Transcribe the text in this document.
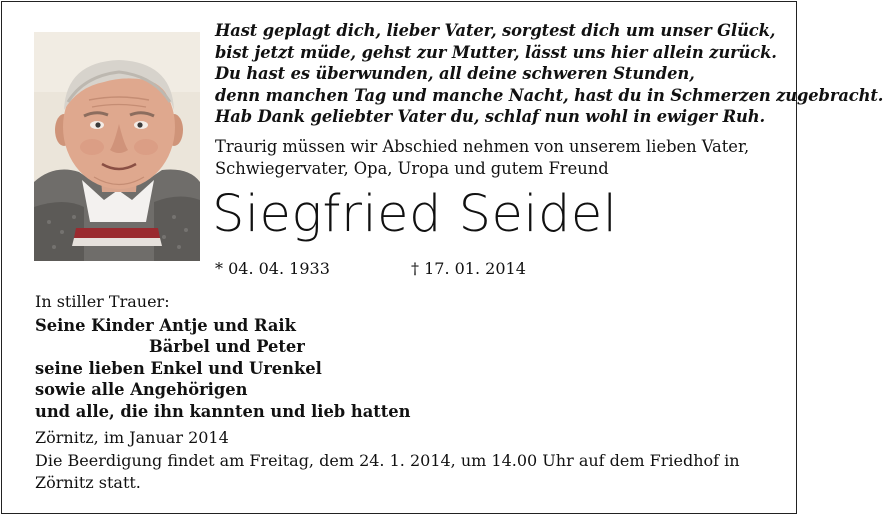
Hast geplagt dich, lieber Vater, sorgtest dich um unser Glück,
bist jetzt müde, gehst zur Mutter, lässt uns hier allein zurück.
Du hast es überwunden, all deine schweren Stunden,
denn manchen Tag und manche Nacht, hast du in Schmerzen zugebracht.
Hab Dank geliebter Vater du, schlaf nun wohl in ewiger Ruh.
Traurig müssen wir Abschied nehmen von unserem lieben Vater,
Schwiegervater, Opa, Uropa und gutem Freund
Siegfried Seidel
* 04. 04. 1933	† 17. 01. 2014
In stiller Trauer:
Seine Kinder Antje und Raik
Bärbel und Peter
seine lieben Enkel und Urenkel
sowie alle Angehörigen
und alle, die ihn kannten und lieb hatten
Zörnitz, im Januar 2014
Die Beerdigung findet am Freitag, dem 24. 1. 2014, um 14.00 Uhr auf dem Friedhof in
Zörnitz statt.
